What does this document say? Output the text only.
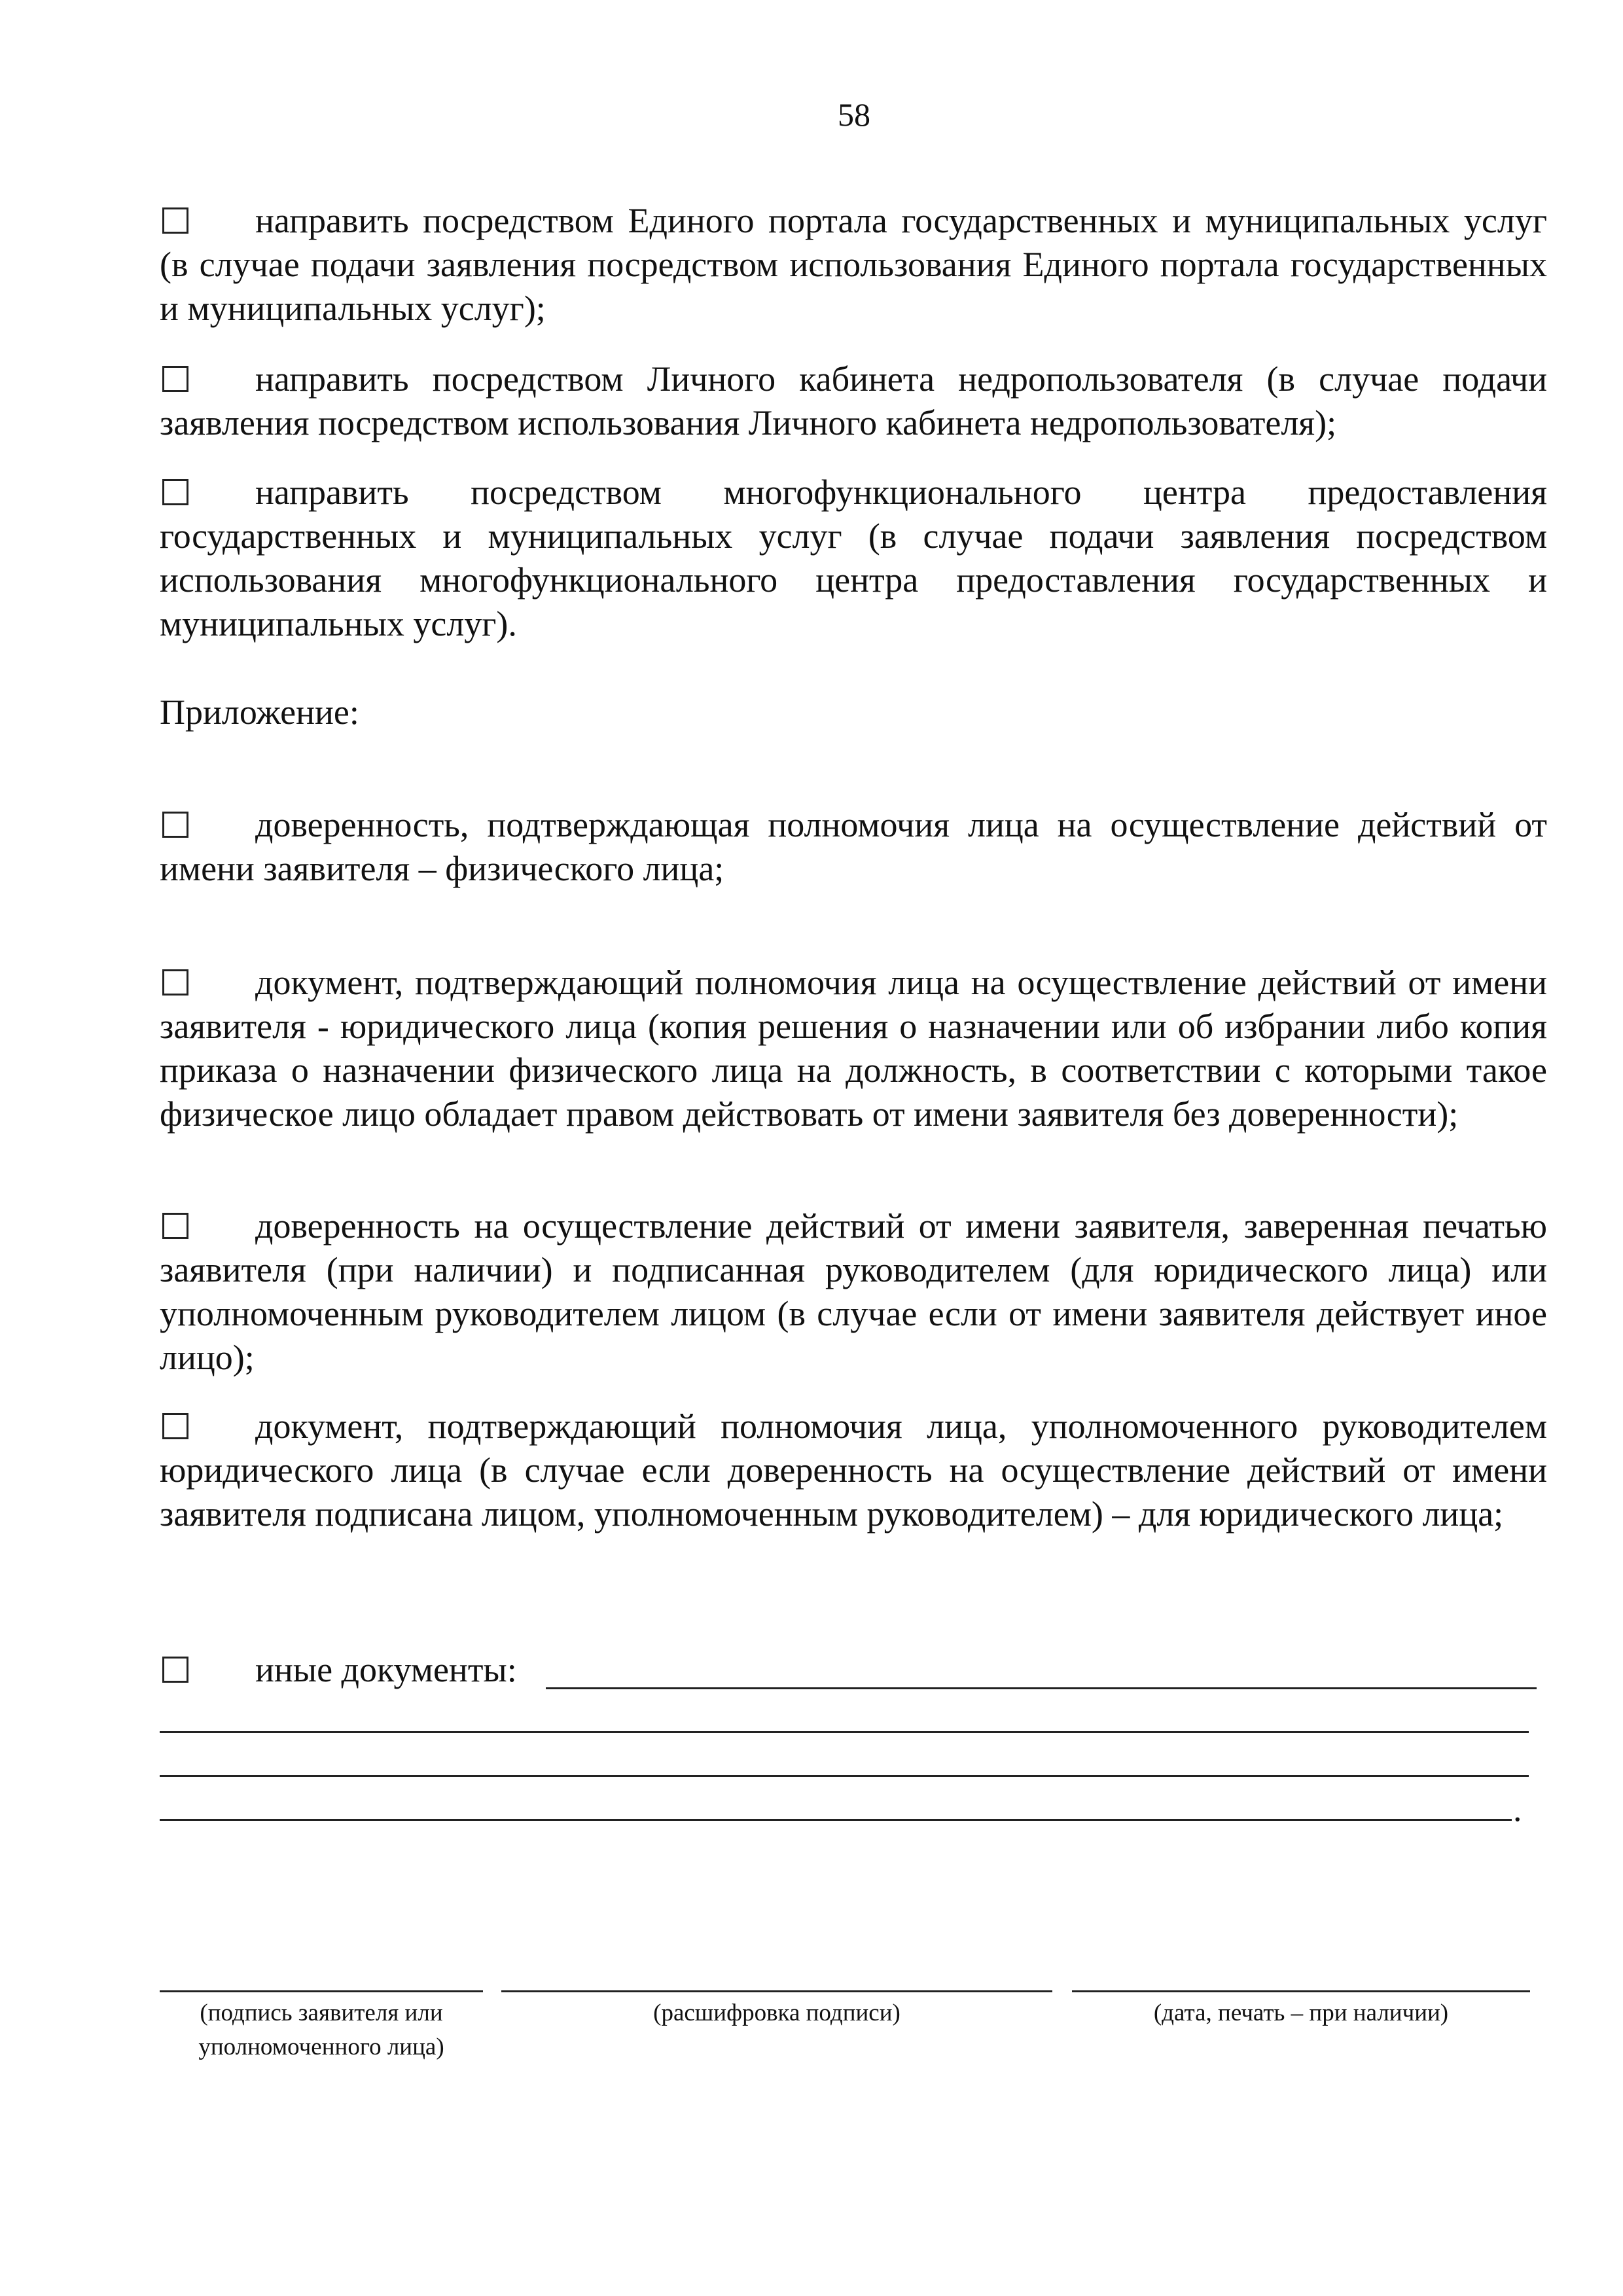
58

направить посредством Единого портала государственных и муниципальных услуг (в случае подачи заявления посредством использования Единого портала государственных и муниципальных услуг);

направить посредством Личного кабинета недропользователя (в случае подачи заявления посредством использования Личного кабинета недропользователя);

направить посредством многофункционального центра предоставления государственных и муниципальных услуг (в случае подачи заявления посредством использования многофункционального центра предоставления государственных и муниципальных услуг).

Приложение:

доверенность, подтверждающая полномочия лица на осуществление действий от имени заявителя – физического лица;

документ, подтверждающий полномочия лица на осуществление действий от имени заявителя - юридического лица (копия решения о назначении или об избрании либо копия приказа о назначении физического лица на должность, в соответствии с которыми такое физическое лицо обладает правом действовать от имени заявителя без доверенности);

доверенность на осуществление действий от имени заявителя, заверенная печатью заявителя (при наличии) и подписанная руководителем (для юридического лица) или уполномоченным руководителем лицом (в случае если от имени заявителя действует иное лицо);

документ, подтверждающий полномочия лица, уполномоченного руководителем юридического лица (в случае если доверенность на осуществление действий от имени заявителя подписана лицом, уполномоченным руководителем) – для юридического лица;

иные документы:

.
(подпись заявителя или
уполномоченного лица)
(расшифровка подписи)	(дата, печать – при наличии)
